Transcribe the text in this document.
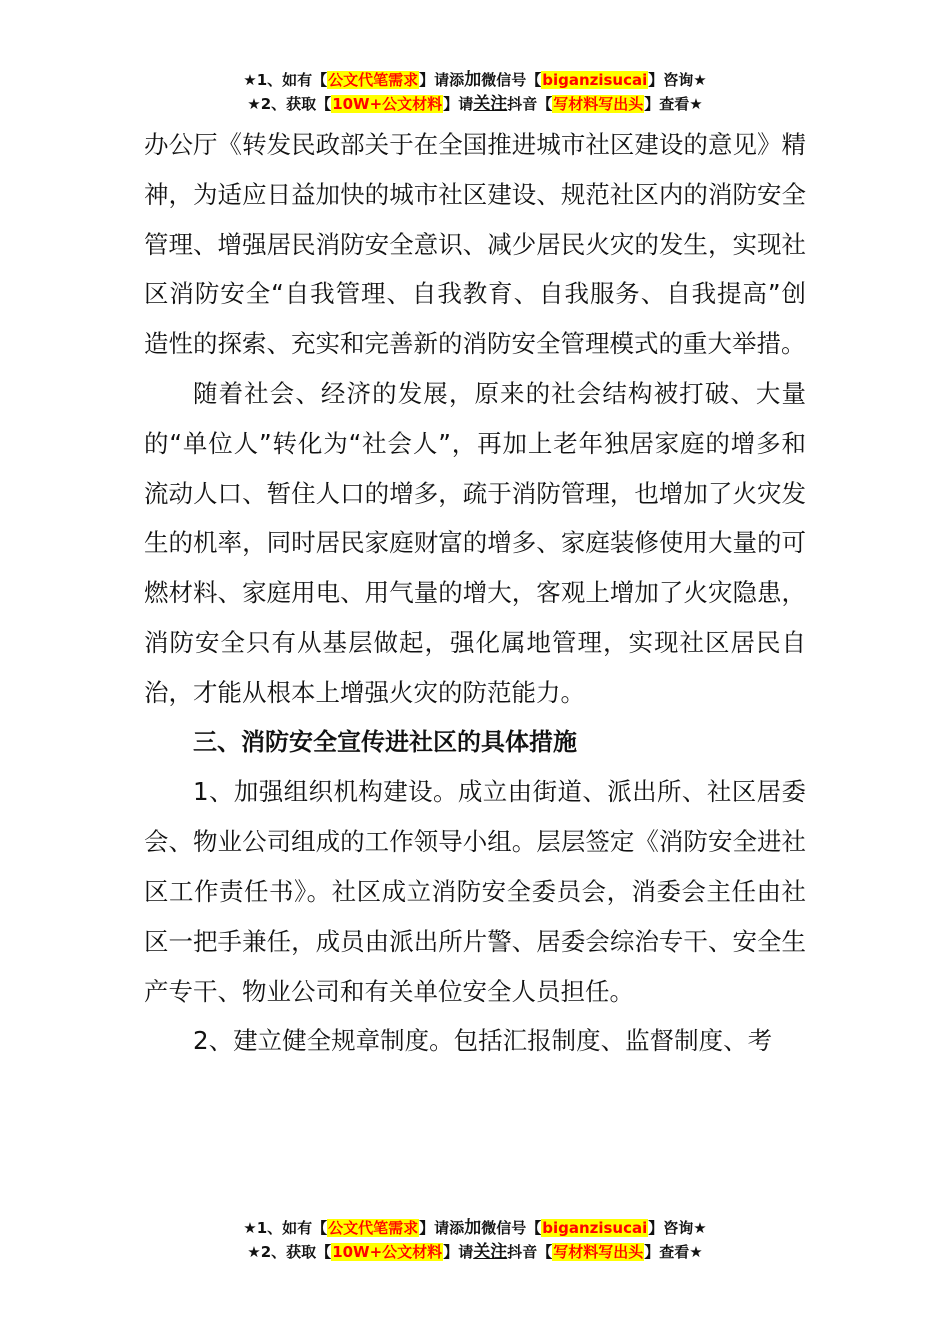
★1、如有【公文代笔需求】请添加微信号【biganzisucai】咨询★
★2、获取【10W+公文材料】请关注抖音【写材料写出头】查看★

办公厅《转发民政部关于在全国推进城市社区建设的意见》精神，为适应日益加快的城市社区建设、规范社区内的消防安全管理、增强居民消防安全意识、减少居民火灾的发生，实现社区消防安全“自我管理、自我教育、自我服务、自我提高”创造性的探索、充实和完善新的消防安全管理模式的重大举措。

随着社会、经济的发展，原来的社会结构被打破、大量的“单位人”转化为“社会人”，再加上老年独居家庭的增多和流动人口、暂住人口的增多，疏于消防管理，也增加了火灾发生的机率，同时居民家庭财富的增多、家庭装修使用大量的可燃材料、家庭用电、用气量的增大，客观上增加了火灾隐患，消防安全只有从基层做起，强化属地管理，实现社区居民自治，才能从根本上增强火灾的防范能力。

三、消防安全宣传进社区的具体措施

1、加强组织机构建设。成立由街道、派出所、社区居委会、物业公司组成的工作领导小组。层层签定《消防安全进社区工作责任书》。社区成立消防安全委员会，消委会主任由社区一把手兼任，成员由派出所片警、居委会综治专干、安全生产专干、物业公司和有关单位安全人员担任。

2、建立健全规章制度。包括汇报制度、监督制度、考

★1、如有【公文代笔需求】请添加微信号【biganzisucai】咨询★
★2、获取【10W+公文材料】请关注抖音【写材料写出头】查看★
